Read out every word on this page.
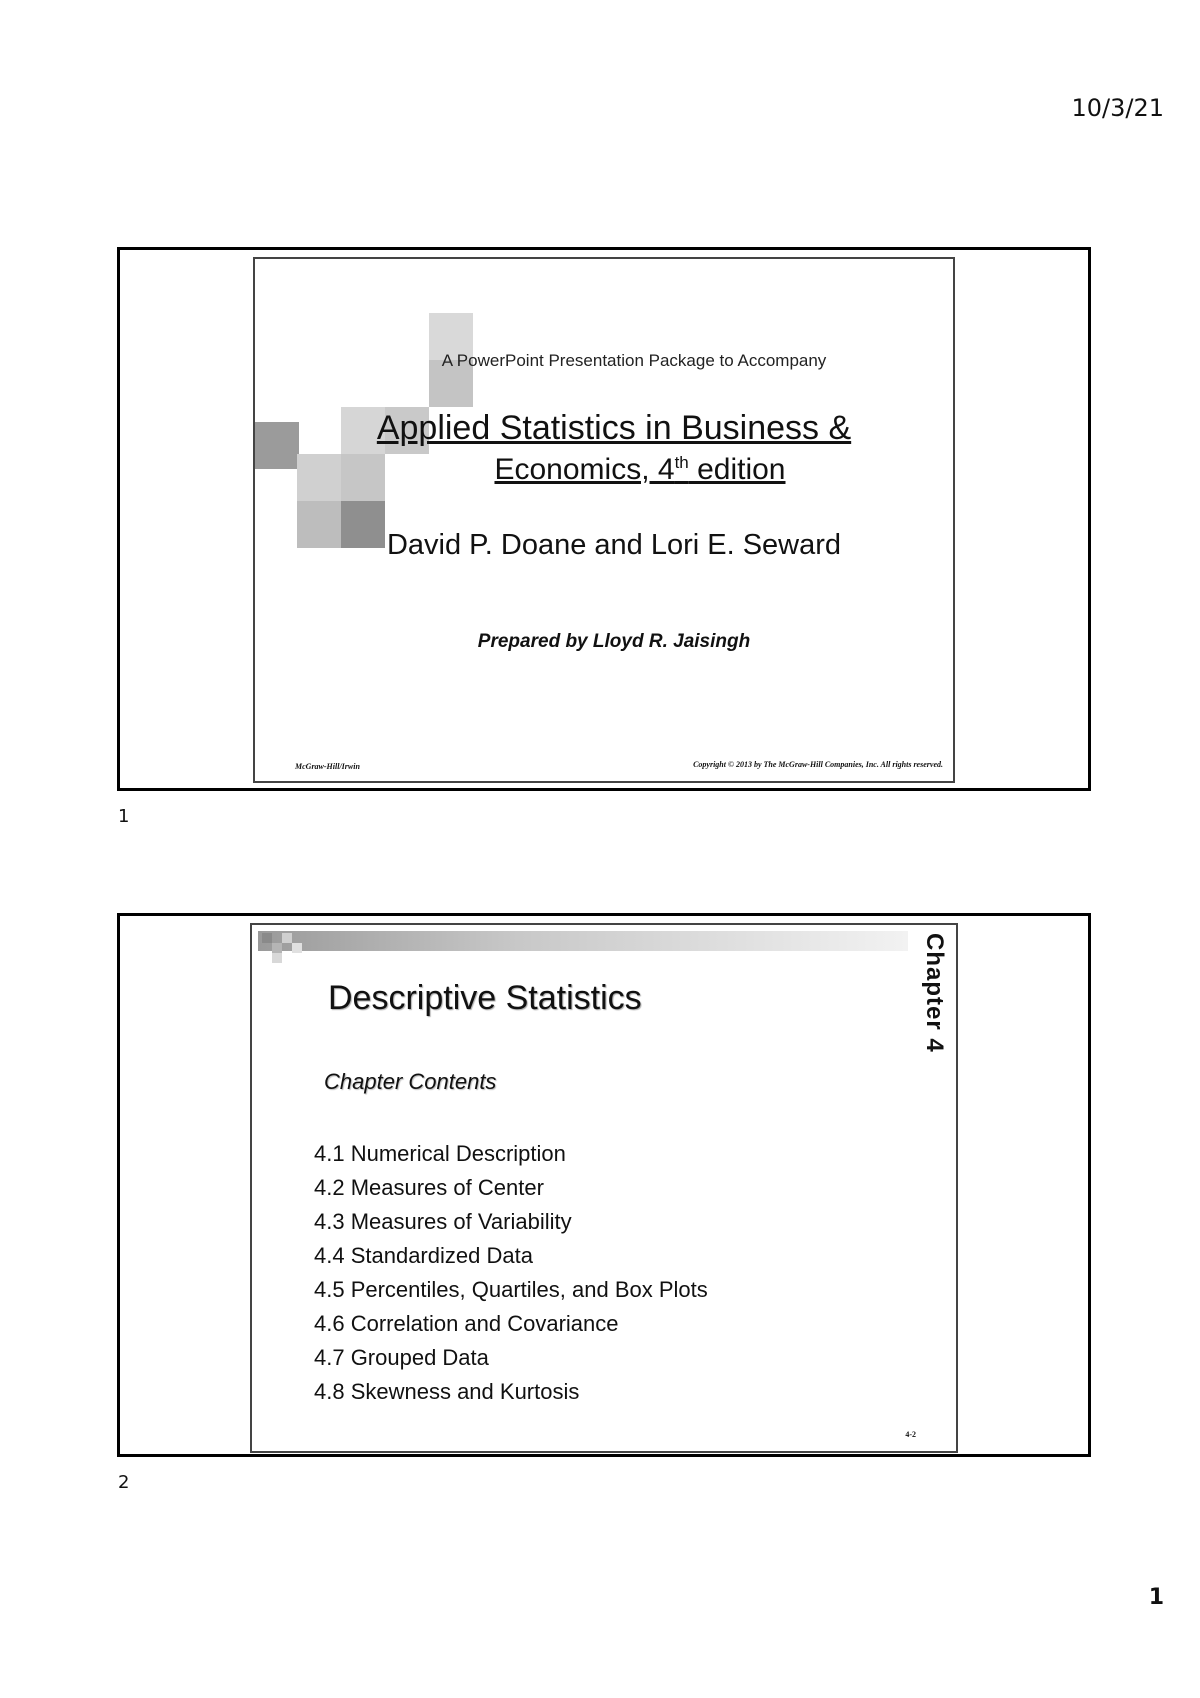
10/3/21
A PowerPoint Presentation Package to Accompany
Applied Statistics in Business &
Economics, 4th edition
David P. Doane and Lori E. Seward
Prepared by Lloyd R. Jaisingh
McGraw-Hill/Irwin	Copyright © 2013 by The McGraw-Hill Companies, Inc. All rights reserved.
1
Chapter 4
Descriptive Statistics
Chapter Contents
4.1 Numerical Description
4.2 Measures of Center
4.3 Measures of Variability
4.4 Standardized Data
4.5 Percentiles, Quartiles, and Box Plots
4.6 Correlation and Covariance
4.7 Grouped Data
4.8 Skewness and Kurtosis
4-2
2
1
